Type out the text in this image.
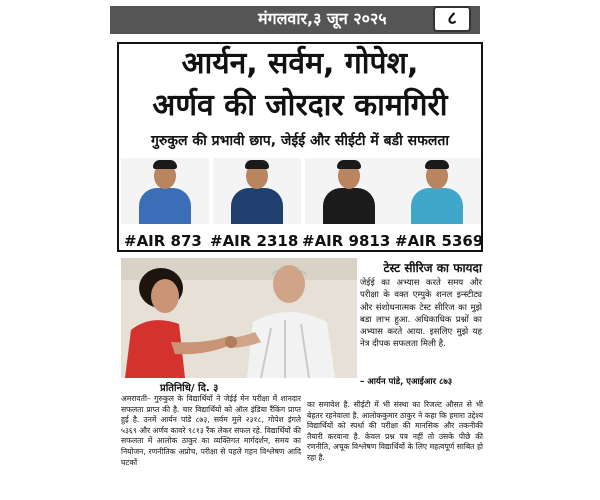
मंगलवार,३ जून २०२५	८
आर्यन, सर्वम, गोपेश,
अर्णव की जोरदार कामगिरी
गुरुकुल की प्रभावी छाप, जेईई और सीईटी में बडी सफलता
#AIR 873 #AIR 2318 #AIR 9813 #AIR 5369
टेस्ट सीरिज का फायदा
जेईई का अभ्यास करते समय और परीक्षा के वक्त एम्पुके शनल इन्स्टीट्य और संशोधनात्मक टेस्ट सीरिज का मुझे बडा लाभ हुआ. अधिकाधिक प्रश्नों का अभ्यास करते आया. इसलिए मुझे यह नेत्र दीपक सफलता मिली है.
– आर्यन पांडे, एआईआर ८७३
प्रतिनिधि/ दि. ३
अमरावती– गुरुकुल के विद्यार्थियों ने जेईई मेन परीक्षा में शानदार सफलता प्राप्त की है. चार विद्यार्थियों को ऑल इंडिया रैंकिंग प्राप्त हुई है. उनमें आर्यन पांडे ८७३, सर्वम मुले २३१८, गोपेश इंगले ५३६९ और अर्णव कावरे ९८१३ रैंक लेकर सफल रहे. विद्यार्थियों की सफलता में आलोक ठाकुर का व्यक्तिगत मार्गदर्शन, समय का नियोजन, रणनीतिक अप्रोच, परीक्षा से पहले गहन विश्लेषण आदि घटकों
का समावेश है. सीईटी में भी संस्था का रिजल्ट औसत से भी बेहतर रहनेवाला है. आलोककुमार ठाकुर ने कहा कि हमारा उद्देश्य विद्यार्थियों को स्पर्धा की परीक्षा की मानसिक और तकनीकी तैयारी करवाना है. केवल प्रश्न पत्र नहीं तो उसके पीछे की रणनीति, अचूक विश्लेषण विद्यार्थियों के लिए महत्वपूर्ण साबित हो रहा है.
